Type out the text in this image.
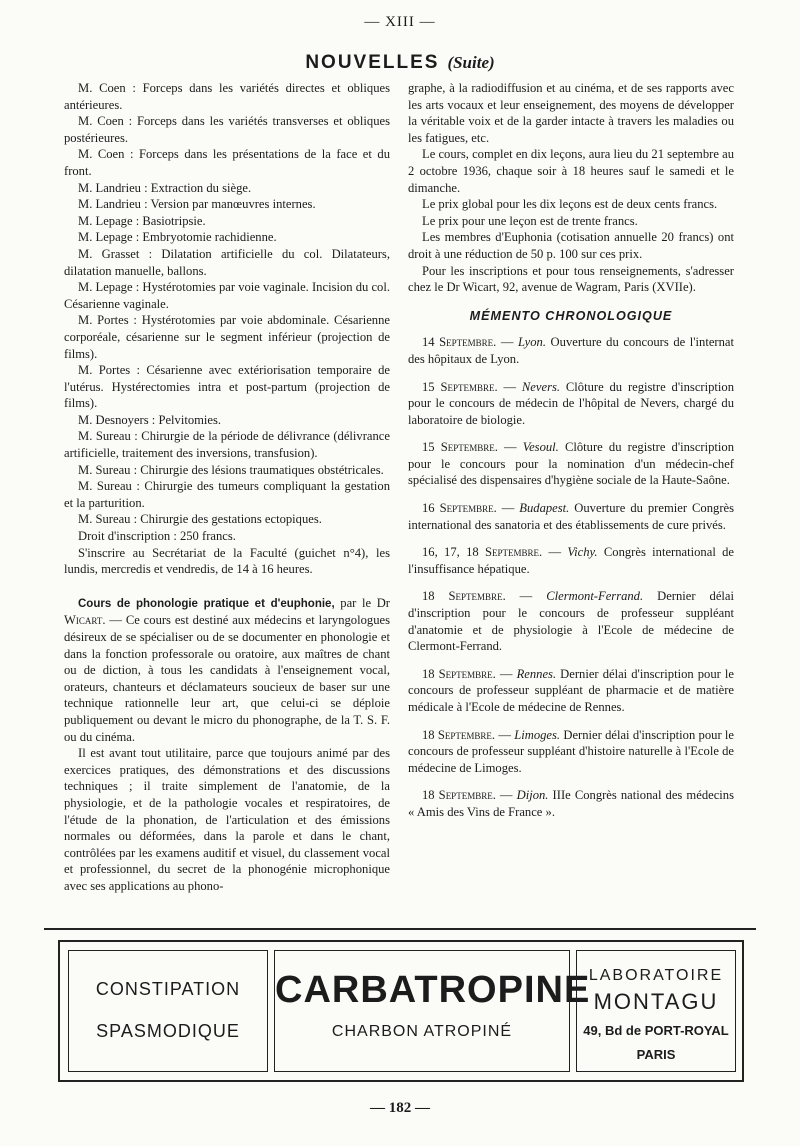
— XIII —
NOUVELLES (Suite)

M. Coen : Forceps dans les variétés directes et obliques antérieures.

M. Coen : Forceps dans les variétés transverses et obliques postérieures.

M. Coen : Forceps dans les présentations de la face et du front.

M. Landrieu : Extraction du siège.

M. Landrieu : Version par manœuvres internes.

M. Lepage : Basiotripsie.

M. Lepage : Embryotomie rachidienne.

M. Grasset : Dilatation artificielle du col. Dilatateurs, dilatation manuelle, ballons.

M. Lepage : Hystérotomies par voie vaginale. Incision du col. Césarienne vaginale.

M. Portes : Hystérotomies par voie abdominale. Césarienne corporéale, césarienne sur le segment inférieur (projection de films).

M. Portes : Césarienne avec extériorisation temporaire de l'utérus. Hystérectomies intra et post-partum (projection de films).

M. Desnoyers : Pelvitomies.

M. Sureau : Chirurgie de la période de délivrance (délivrance artificielle, traitement des inversions, transfusion).

M. Sureau : Chirurgie des lésions traumatiques obstétricales.

M. Sureau : Chirurgie des tumeurs compliquant la gestation et la parturition.

M. Sureau : Chirurgie des gestations ectopiques.

Droit d'inscription : 250 francs.

S'inscrire au Secrétariat de la Faculté (guichet n°4), les lundis, mercredis et vendredis, de 14 à 16 heures.

Cours de phonologie pratique et d'euphonie, par le Dr Wicart. — Ce cours est destiné aux médecins et laryngologues désireux de se spécialiser ou de se documenter en phonologie et dans la fonction professorale ou oratoire, aux maîtres de chant ou de diction, à tous les candidats à l'enseignement vocal, orateurs, chanteurs et déclamateurs soucieux de baser sur une technique rationnelle leur art, que celui-ci se déploie publiquement ou devant le micro du phonographe, de la T. S. F. ou du cinéma.

Il est avant tout utilitaire, parce que toujours animé par des exercices pratiques, des démonstrations et des discussions techniques ; il traite simplement de l'anatomie, de la physiologie, et de la pathologie vocales et respiratoires, de l'étude de la phonation, de l'articulation et des émissions normales ou déformées, dans la parole et dans le chant, contrôlées par les examens auditif et visuel, du classement vocal et professionnel, du secret de la phonogénie microphonique avec ses applications au phono-

graphe, à la radiodiffusion et au cinéma, et de ses rapports avec les arts vocaux et leur enseignement, des moyens de développer la véritable voix et de la garder intacte à travers les maladies ou les fatigues, etc.

Le cours, complet en dix leçons, aura lieu du 21 septembre au 2 octobre 1936, chaque soir à 18 heures sauf le samedi et le dimanche.

Le prix global pour les dix leçons est de deux cents francs.

Le prix pour une leçon est de trente francs.

Les membres d'Euphonia (cotisation annuelle 20 francs) ont droit à une réduction de 50 p. 100 sur ces prix.

Pour les inscriptions et pour tous renseignements, s'adresser chez le Dr Wicart, 92, avenue de Wagram, Paris (XVIIe).

MÉMENTO CHRONOLOGIQUE

14 Septembre. — Lyon. Ouverture du concours de l'internat des hôpitaux de Lyon.

15 Septembre. — Nevers. Clôture du registre d'inscription pour le concours de médecin de l'hôpital de Nevers, chargé du laboratoire de biologie.

15 Septembre. — Vesoul. Clôture du registre d'inscription pour le concours pour la nomination d'un médecin-chef spécialisé des dispensaires d'hygiène sociale de la Haute-Saône.

16 Septembre. — Budapest. Ouverture du premier Congrès international des sanatoria et des établissements de cure privés.

16, 17, 18 Septembre. — Vichy. Congrès international de l'insuffisance hépatique.

18 Septembre. — Clermont-Ferrand. Dernier délai d'inscription pour le concours de professeur suppléant d'anatomie et de physiologie à l'Ecole de médecine de Clermont-Ferrand.

18 Septembre. — Rennes. Dernier délai d'inscription pour le concours de professeur suppléant de pharmacie et de matière médicale à l'Ecole de médecine de Rennes.

18 Septembre. — Limoges. Dernier délai d'inscription pour le concours de professeur suppléant d'histoire naturelle à l'Ecole de médecine de Limoges.

18 Septembre. — Dijon. IIIe Congrès national des médecins « Amis des Vins de France ».

CONSTIPATION
SPASMODIQUE
CARBATROPINE
CHARBON ATROPINÉ
LABORATOIRE
MONTAGU
49, Bd de PORT-ROYAL
PARIS
— 182 —
